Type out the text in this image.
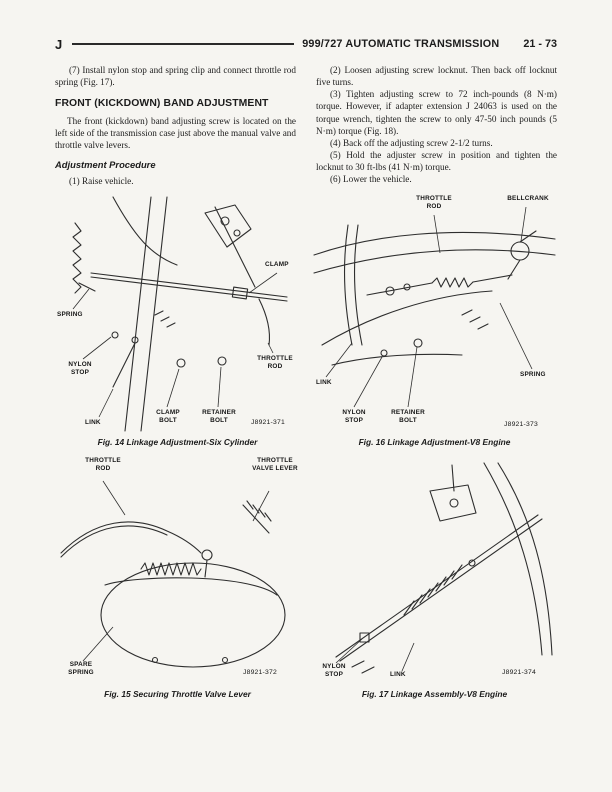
J	999/727 AUTOMATIC TRANSMISSION 21 - 73

(7) Install nylon stop and spring clip and connect throttle rod spring (Fig. 17).

FRONT (KICKDOWN) BAND ADJUSTMENT

The front (kickdown) band adjusting screw is located on the left side of the transmission case just above the manual valve and throttle valve levers.

Adjustment Procedure

(1) Raise vehicle.

(2) Loosen adjusting screw locknut. Then back off locknut five turns.

(3) Tighten adjusting screw to 72 inch-pounds (8 N·m) torque. However, if adapter extension J 24063 is used on the torque wrench, tighten the screw to only 47-50 inch pounds (5 N·m) torque (Fig. 18).

(4) Back off the adjusting screw 2-1/2 turns.

(5) Hold the adjuster screw in position and tighten the locknut to 30 ft-lbs (41 N·m) torque.

(6) Lower the vehicle.

CLAMP
SPRING
NYLON STOP
THROTTLE ROD
LINK
CLAMP BOLT
RETAINER BOLT	J8921-371
Fig. 14 Linkage Adjustment-Six Cylinder
THROTTLE ROD
BELLCRANK
LINK
SPRING
NYLON STOP
RETAINER BOLT
J8921-373
Fig. 16 Linkage Adjustment-V8 Engine
THROTTLE ROD
THROTTLE VALVE LEVER
SPARE SPRING	J8921-372
Fig. 15 Securing Throttle Valve Lever
NYLON STOP	LINK	J8921-374
Fig. 17 Linkage Assembly-V8 Engine
